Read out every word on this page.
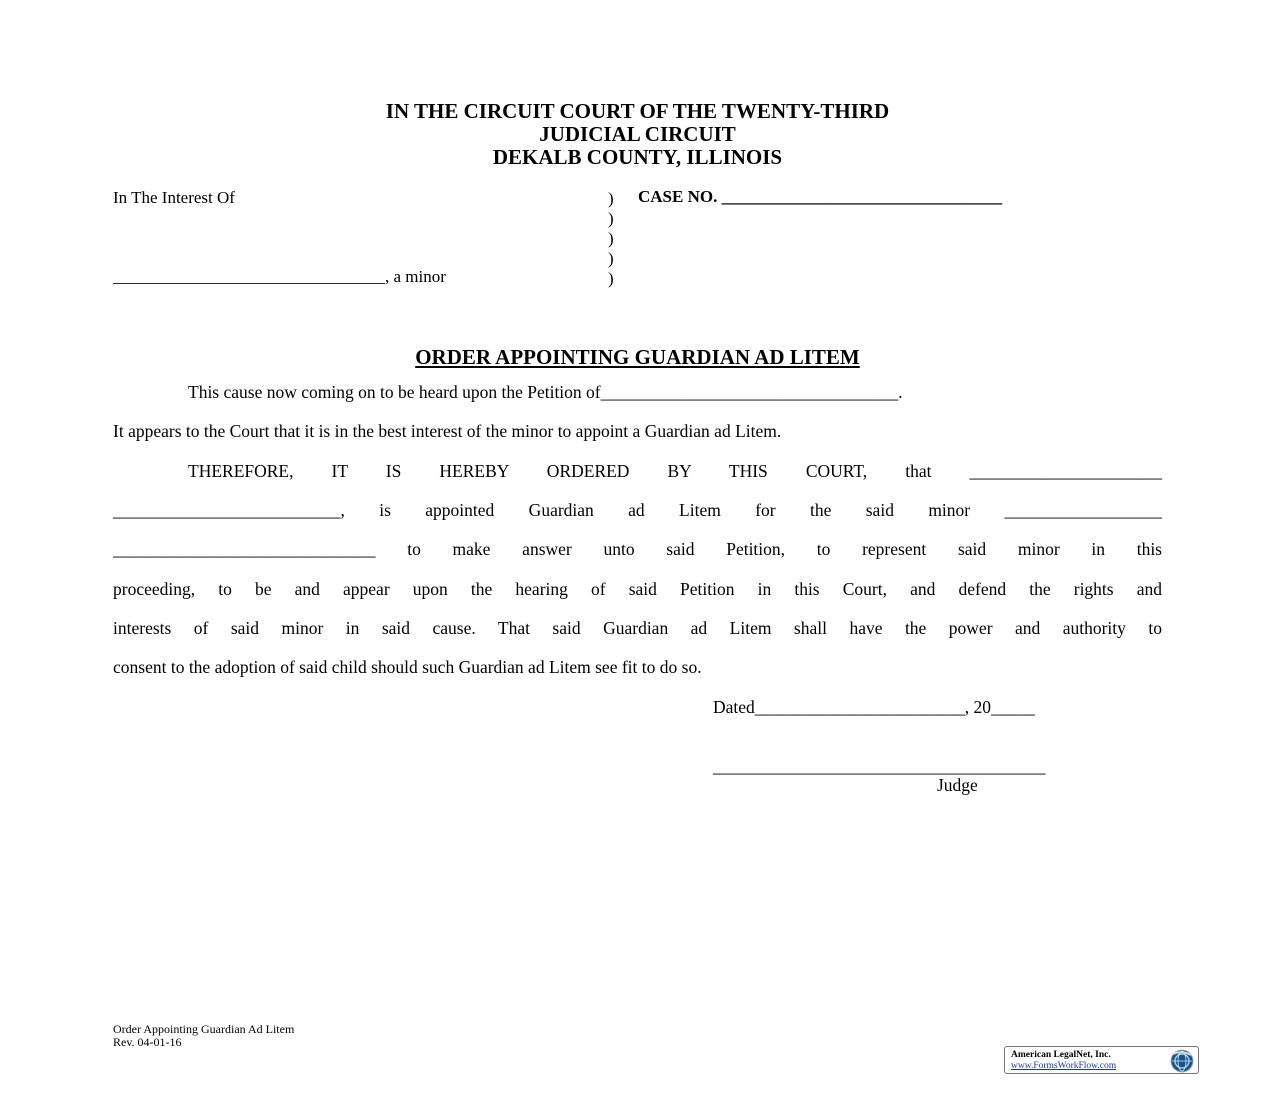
IN THE CIRCUIT COURT OF THE TWENTY-THIRD
JUDICIAL CIRCUIT
DEKALB COUNTY, ILLINOIS
In The Interest Of
________________________________, a minor
)
)
)
)
)
CASE NO. _________________________________
ORDER APPOINTING GUARDIAN AD LITEM
This cause now coming on to be heard upon the Petition of__________________________________.
It appears to the Court that it is in the best interest of the minor to appoint a Guardian ad Litem.
THEREFORE, IT IS HEREBY ORDERED BY THIS COURT, that ______________________
__________________________, is appointed Guardian ad Litem for the said minor __________________
______________________________ to make answer unto said Petition, to represent said minor in this
proceeding, to be and appear upon the hearing of said Petition in this Court, and defend the rights and
interests of said minor in said cause. That said Guardian ad Litem shall have the power and authority to
consent to the adoption of said child should such Guardian ad Litem see fit to do so.
Dated________________________, 20_____
______________________________________
Judge
Order Appointing Guardian Ad Litem
Rev. 04-01-16
American LegalNet, Inc.
www.FormsWorkFlow.com
